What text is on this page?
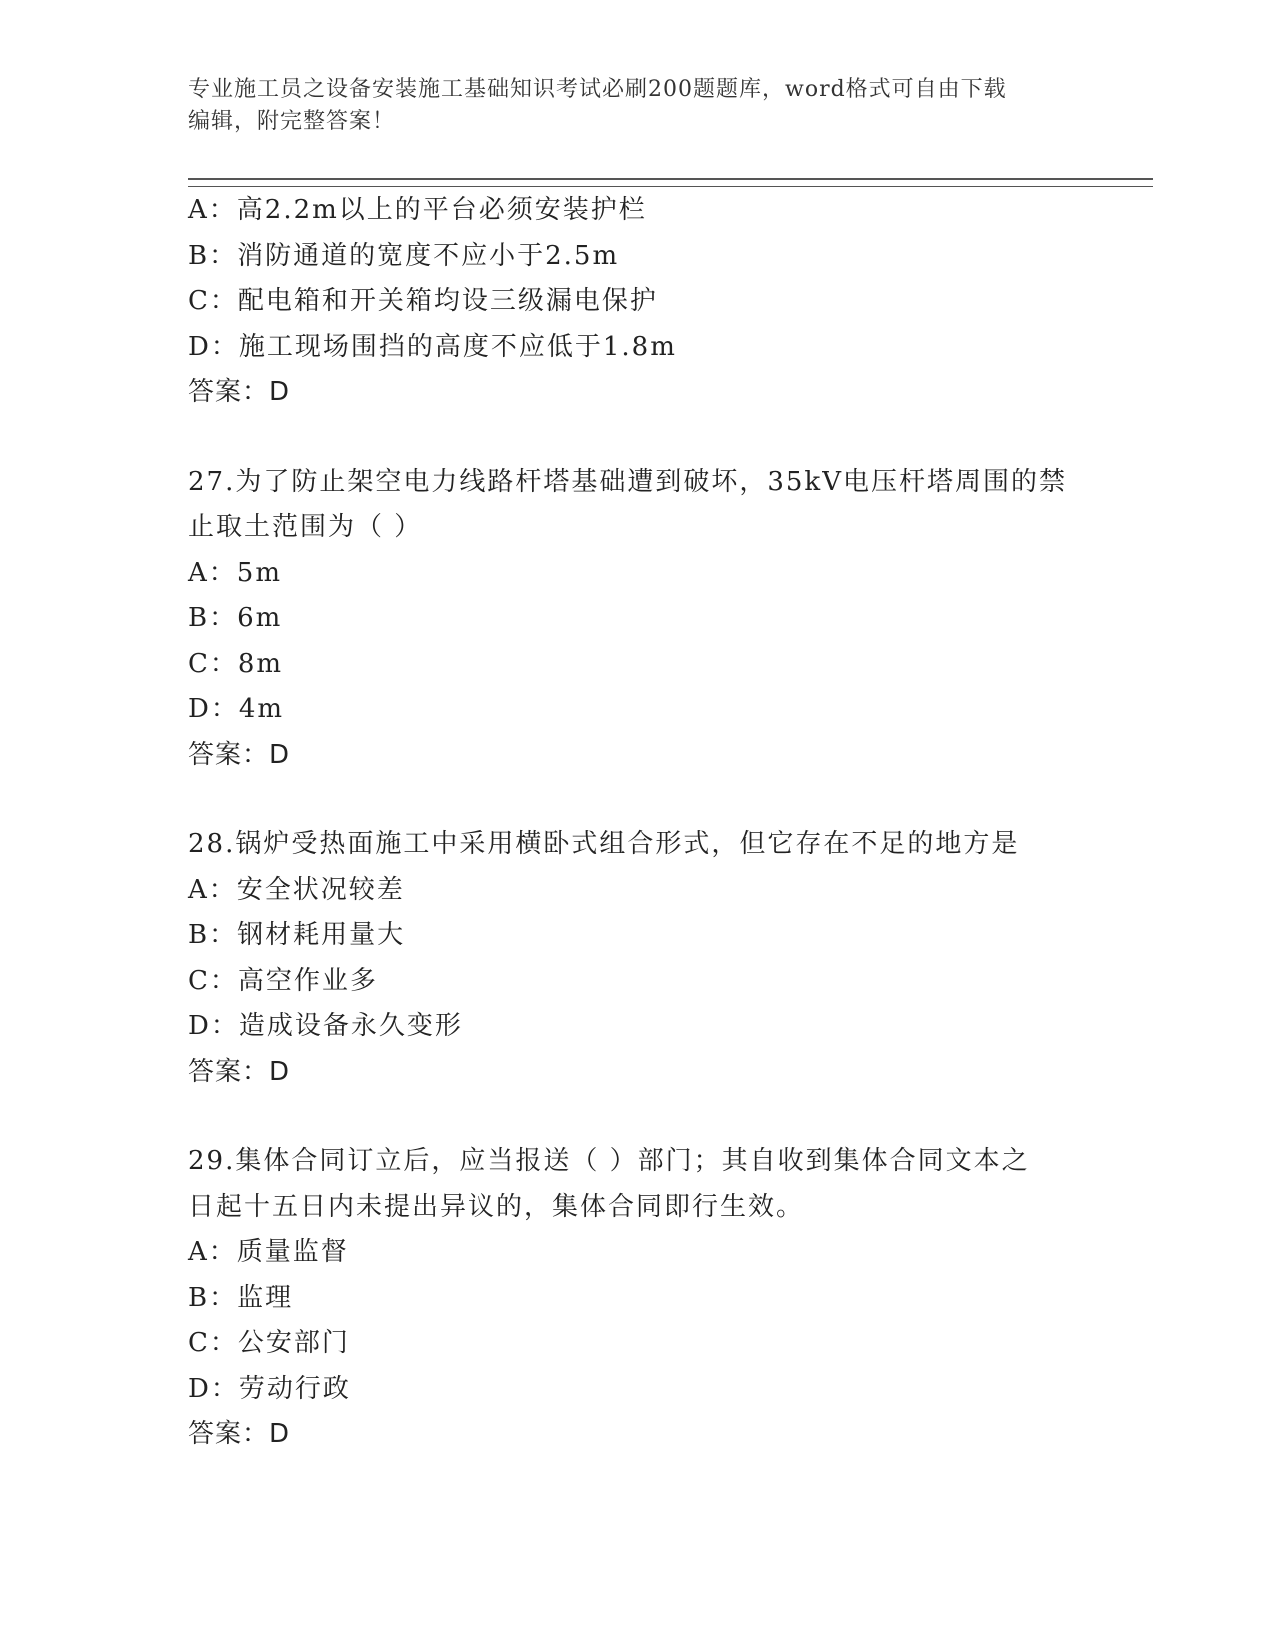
专业施工员之设备安装施工基础知识考试必刷200题题库，word格式可自由下载
编辑，附完整答案！
A：高2.2m以上的平台必须安装护栏
B：消防通道的宽度不应小于2.5m
C：配电箱和开关箱均设三级漏电保护
D：施工现场围挡的高度不应低于1.8m
答案：D
27.为了防止架空电力线路杆塔基础遭到破坏，35kV电压杆塔周围的禁
止取土范围为（ ）
A：5m
B：6m
C：8m
D：4m
答案：D
28.锅炉受热面施工中采用横卧式组合形式，但它存在不足的地方是
A：安全状况较差
B：钢材耗用量大
C：高空作业多
D：造成设备永久变形
答案：D
29.集体合同订立后，应当报送（ ）部门；其自收到集体合同文本之
日起十五日内未提出异议的，集体合同即行生效。
A：质量监督
B：监理
C：公安部门
D：劳动行政
答案：D
